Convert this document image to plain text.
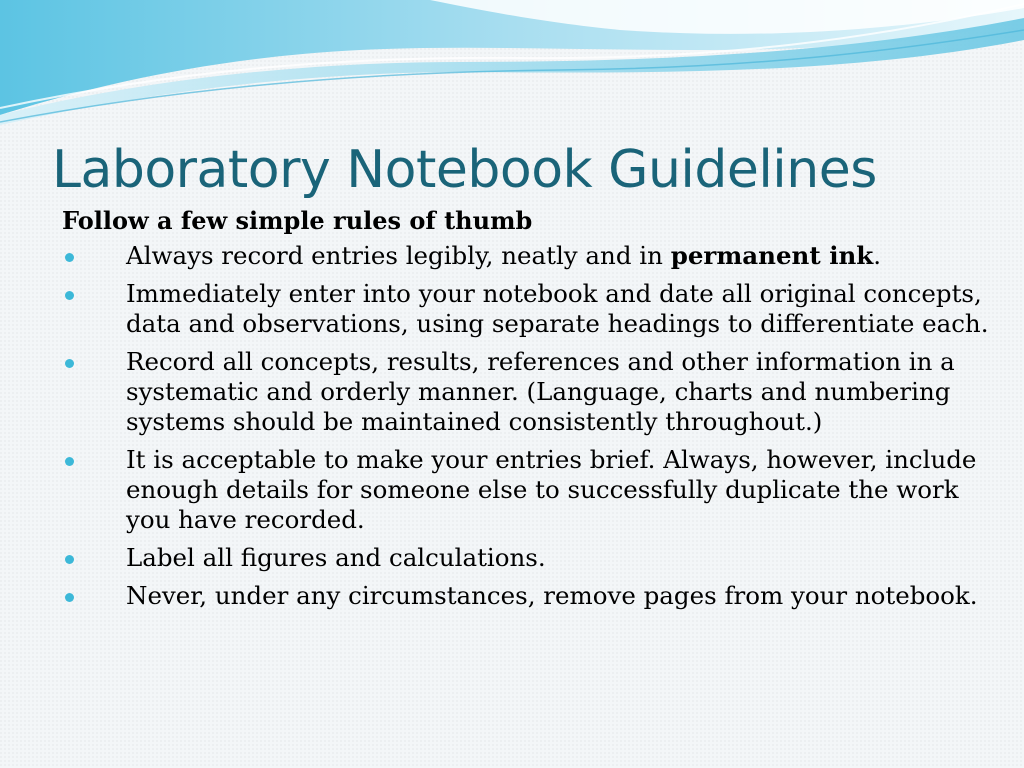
Laboratory Notebook Guidelines

Follow a few simple rules of thumb

Always record entries legibly, neatly and in permanent ink.
Immediately enter into your notebook and date all original concepts, data and observations, using separate headings to differentiate each.
Record all concepts, results, references and other information in a systematic and orderly manner. (Language, charts and numbering systems should be maintained consistently throughout.)
It is acceptable to make your entries brief. Always, however, include enough details for someone else to successfully duplicate the work you have recorded.
Label all figures and calculations.
Never, under any circumstances, remove pages from your notebook.
